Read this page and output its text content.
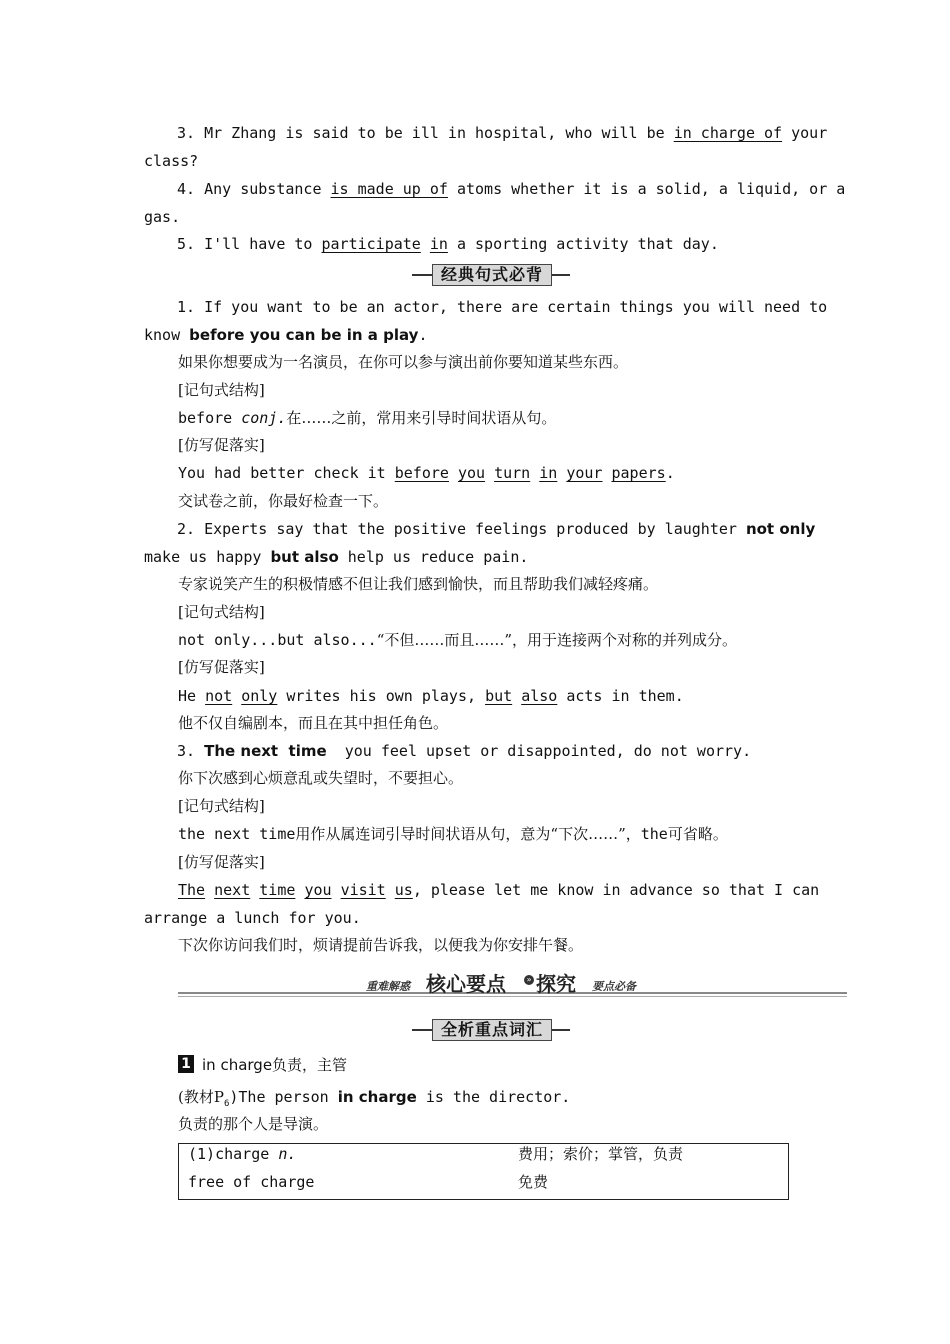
3. Mr Zhang is said to be ill in hospital, who will be in charge of your
class?
4. Any substance is made up of atoms whether it is a solid, a liquid, or a
gas.
5. I'll have to participate in a sporting activity that day.
经典句式必背
1. If you want to be an actor, there are certain things you will need to
know before you can be in a play.
如果你想要成为一名演员，在你可以参与演出前你要知道某些东西。
[记句式结构]
before conj.在……之前，常用来引导时间状语从句。
[仿写促落实]
You had better check it before you turn in your papers.
交试卷之前，你最好检查一下。
2. Experts say that the positive feelings produced by laughter not only
make us happy but also help us reduce pain.
专家说笑产生的积极情感不但让我们感到愉快，而且帮助我们减轻疼痛。
[记句式结构]
not only...but also...“不但……而且……”，用于连接两个对称的并列成分。
[仿写促落实]
He not only writes his own plays, but also acts in them.
他不仅自编剧本，而且在其中担任角色。
3. The next  time  you feel upset or disappointed, do not worry.
你下次感到心烦意乱或失望时，不要担心。
[记句式结构]
the next time用作从属连词引导时间状语从句，意为“下次……”，the可省略。
[仿写促落实]
The next time you visit us, please let me know in advance so that I can
arrange a lunch for you.
下次你访问我们时，烦请提前告诉我，以便我为你安排午餐。
重难解惑 核心要点	» 探究 要点必备
全析重点词汇
1 in charge负责，主管
(教材$P_6)The$ person in charge is the director.
负责的那个人是导演。
(1)charge n.	费用；索价；掌管，负责
free of charge	免费
